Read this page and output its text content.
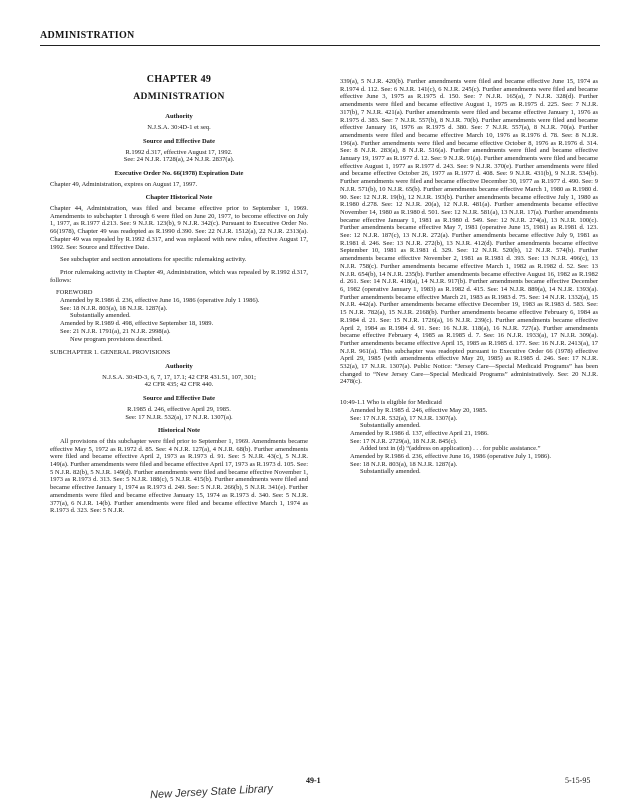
ADMINISTRATION
CHAPTER 49
ADMINISTRATION
Authority
N.J.S.A. 30:4D-1 et seq.
Source and Effective Date
R.1992 d.317, effective August 17, 1992.
See: 24 N.J.R. 1728(a), 24 N.J.R. 2837(a).
Executive Order No. 66(1978) Expiration Date
Chapter 49, Administration, expires on August 17, 1997.
Chapter Historical Note
Chapter 44, Administration, was filed and became effective prior to September 1, 1969. Amendments to subchapter 1 through 6 were filed on June 20, 1977, to become effective on July 1, 1977, as R.1977 d.213. See: 9 N.J.R. 123(b), 9 N.J.R. 342(c). Pursuant to Executive Order No. 66(1978), Chapter 49 was readopted as R.1990 d.390. See: 22 N.J.R. 1512(a), 22 N.J.R. 2313(a). Chapter 49 was repealed by R.1992 d.317, and was replaced with new rules, effective August 17, 1992. See: Source and Effective Date.
See subchapter and section annotations for specific rulemaking activity.
Prior rulemaking activity in Chapter 49, Administration, which was repealed by R.1992 d.317, follows:
FOREWORD
Amended by R.1986 d. 236, effective June 16, 1986 (operative July 1 1986).
See: 18 N.J.R. 803(a), 18 N.J.R. 1287(a).
Substantially amended.
Amended by R.1989 d. 498, effective September 18, 1989.
See: 21 N.J.R. 1791(a), 21 N.J.R. 2998(a).
New program provisions described.
SUBCHAPTER 1. GENERAL PROVISIONS
Authority
N.J.S.A. 30:4D-3, 6, 7, 17, 17.1; 42 CFR 431.51, 107, 301;
42 CFR 435; 42 CFR 440.
Source and Effective Date
R.1985 d. 246, effective April 29, 1985.
See: 17 N.J.R. 532(a), 17 N.J.R. 1307(a).
Historical Note
All provisions of this subchapter were filed prior to September 1, 1969. Amendments became effective May 5, 1972 as R.1972 d. 85. See: 4 N.J.R. 127(a), 4 N.J.R. 68(b). Further amendments were filed and became effective April 2, 1973 as R.1973 d. 91. See: 5 N.J.R. 43(c), 5 N.J.R. 149(a). Further amendments were filed and became effective April 17, 1973 as R.1973 d. 105. See: 5 N.J.R. 82(b), 5 N.J.R. 149(d). Further amendments were filed and became effective November 1, 1973 as R.1973 d. 313. See: 5 N.J.R. 188(c), 5 N.J.R. 415(b). Further amendments were filed and became effective January 1, 1974 as R.1973 d. 249. See: 5 N.J.R. 266(b), 5 N.J.R. 341(e). Further amendments were filed and became effective January 15, 1974 as R.1973 d. 340. See: 5 N.J.R. 377(a), 6 N.J.R. 14(b). Further amendments were filed and became effective March 1, 1974 as R.1973 d. 323. See: 5 N.J.R.
339(a), 5 N.J.R. 420(b). Further amendments were filed and became effective June 15, 1974 as R.1974 d. 112. See: 6 N.J.R. 141(c), 6 N.J.R. 245(c). Further amendments were filed and became effective June 3, 1975 as R.1975 d. 150. See: 7 N.J.R. 165(a), 7 N.J.R. 328(d). Further amendments were filed and became effective August 1, 1975 as R.1975 d. 225. See: 7 N.J.R. 317(b), 7 N.J.R. 421(a). Further amendments were filed and became effective January 1, 1976 as R.1975 d. 383. See: 7 N.J.R. 557(b), 8 N.J.R. 70(b). Further amendments were filed and became effective January 16, 1976 as R.1975 d. 380. See: 7 N.J.R. 557(a), 8 N.J.R. 70(a). Further amendments were filed and became effective March 10, 1976 as R.1976 d. 78. See: 8 N.J.R. 196(a). Further amendments were filed and became effective October 8, 1976 as R.1976 d. 314. See: 8 N.J.R. 283(a), 8 N.J.R. 516(a). Further amendments were filed and became effective January 19, 1977 as R.1977 d. 12. See: 9 N.J.R. 91(a). Further amendments were filed and became effective August 1, 1977 as R.1977 d. 243. See: 9 N.J.R. 370(e). Further amendments were filed and became effective October 26, 1977 as R.1977 d. 408. See: 9 N.J.R. 431(b), 9 N.J.R. 534(b). Further amendments were filed and became effective December 30, 1977 as R.1977 d. 490. See: 9 N.J.R. 571(b), 10 N.J.R. 65(b). Further amendments became effective March 1, 1980 as R.1980 d. 90. See: 12 N.J.R. 19(b), 12 N.J.R. 193(b). Further amendments became effective July 1, 1980 as R.1980 d.278. See: 12 N.J.R. 20(a), 12 N.J.R. 481(a). Further amendments became effective November 14, 1980 as R.1980 d. 501. See: 12 N.J.R. 581(a), 13 N.J.R. 17(a). Further amendments became effective January 1, 1981 as R.1980 d. 549. See: 12 N.J.R. 274(a), 13 N.J.R. 100(c). Further amendments became effective May 7, 1981 (operative June 15, 1981) as R.1981 d. 123. See: 12 N.J.R. 187(c), 13 N.J.R. 272(a). Further amendments became effective July 9, 1981 as R.1981 d. 246. See: 13 N.J.R. 272(b), 13 N.J.R. 412(d). Further amendments became effective September 10, 1981 as R.1981 d. 329. See: 12 N.J.R. 520(b), 12 N.J.R. 574(b). Further amendments became effective November 2, 1981 as R.1981 d. 393. See: 13 N.J.R. 496(c), 13 N.J.R. 758(c). Further amendments became effective March 1, 1982 as R.1982 d. 52. See: 13 N.J.R. 654(b), 14 N.J.R. 235(b). Further amendments became effective August 16, 1982 as R.1982 d. 261. See: 14 N.J.R. 418(a), 14 N.J.R. 917(b). Further amendments became effective December 6, 1982 (operative January 1, 1983) as R.1982 d. 415. See: 14 N.J.R. 889(a), 14 N.J.R. 1393(a). Further amendments became effective March 21, 1983 as R.1983 d. 75. See: 14 N.J.R. 1332(a), 15 N.J.R. 442(a). Further amendments became effective December 19, 1983 as R.1983 d. 583. See: 15 N.J.R. 782(a), 15 N.J.R. 2168(b). Further amendments became effective February 6, 1984 as R.1984 d. 21. See: 15 N.J.R. 1726(a), 16 N.J.R. 239(c). Further amendments became effective April 2, 1984 as R.1984 d. 91. See: 16 N.J.R. 118(a), 16 N.J.R. 727(a). Further amendments became effective February 4, 1985 as R.1985 d. 7. See: 16 N.J.R. 1933(a), 17 N.J.R. 309(a). Further amendments became effective April 15, 1985 as R.1985 d. 177. See: 16 N.J.R. 2413(a), 17 N.J.R. 961(a). This subchapter was readopted pursuant to Executive Order 66 (1978) effective April 29, 1985 (with amendments effective May 20, 1985) as R.1985 d. 246. See: 17 N.J.R. 532(a), 17 N.J.R. 1307(a). Public Notice: “Jersey Care—Special Medicaid Programs” has been changed to “New Jersey Care—Special Medicaid Programs” administratively. See: 20 N.J.R. 2478(c).
10:49-1.1 Who is eligible for Medicaid
Amended by R.1985 d. 246, effective May 20, 1985.
See: 17 N.J.R. 532(a), 17 N.J.R. 1307(a).
Substantially amended.
Amended by R.1986 d. 137, effective April 21, 1986.
See: 17 N.J.R. 2729(a), 18 N.J.R. 845(c).
Added text in (d) “(address on application) . . . for public assistance.”
Amended by R.1986 d. 236, effective June 16, 1986 (operative July 1, 1986).
See: 18 N.J.R. 803(a), 18 N.J.R. 1287(a).
Substantially amended.
49-1	5-15-95
New Jersey State Library
